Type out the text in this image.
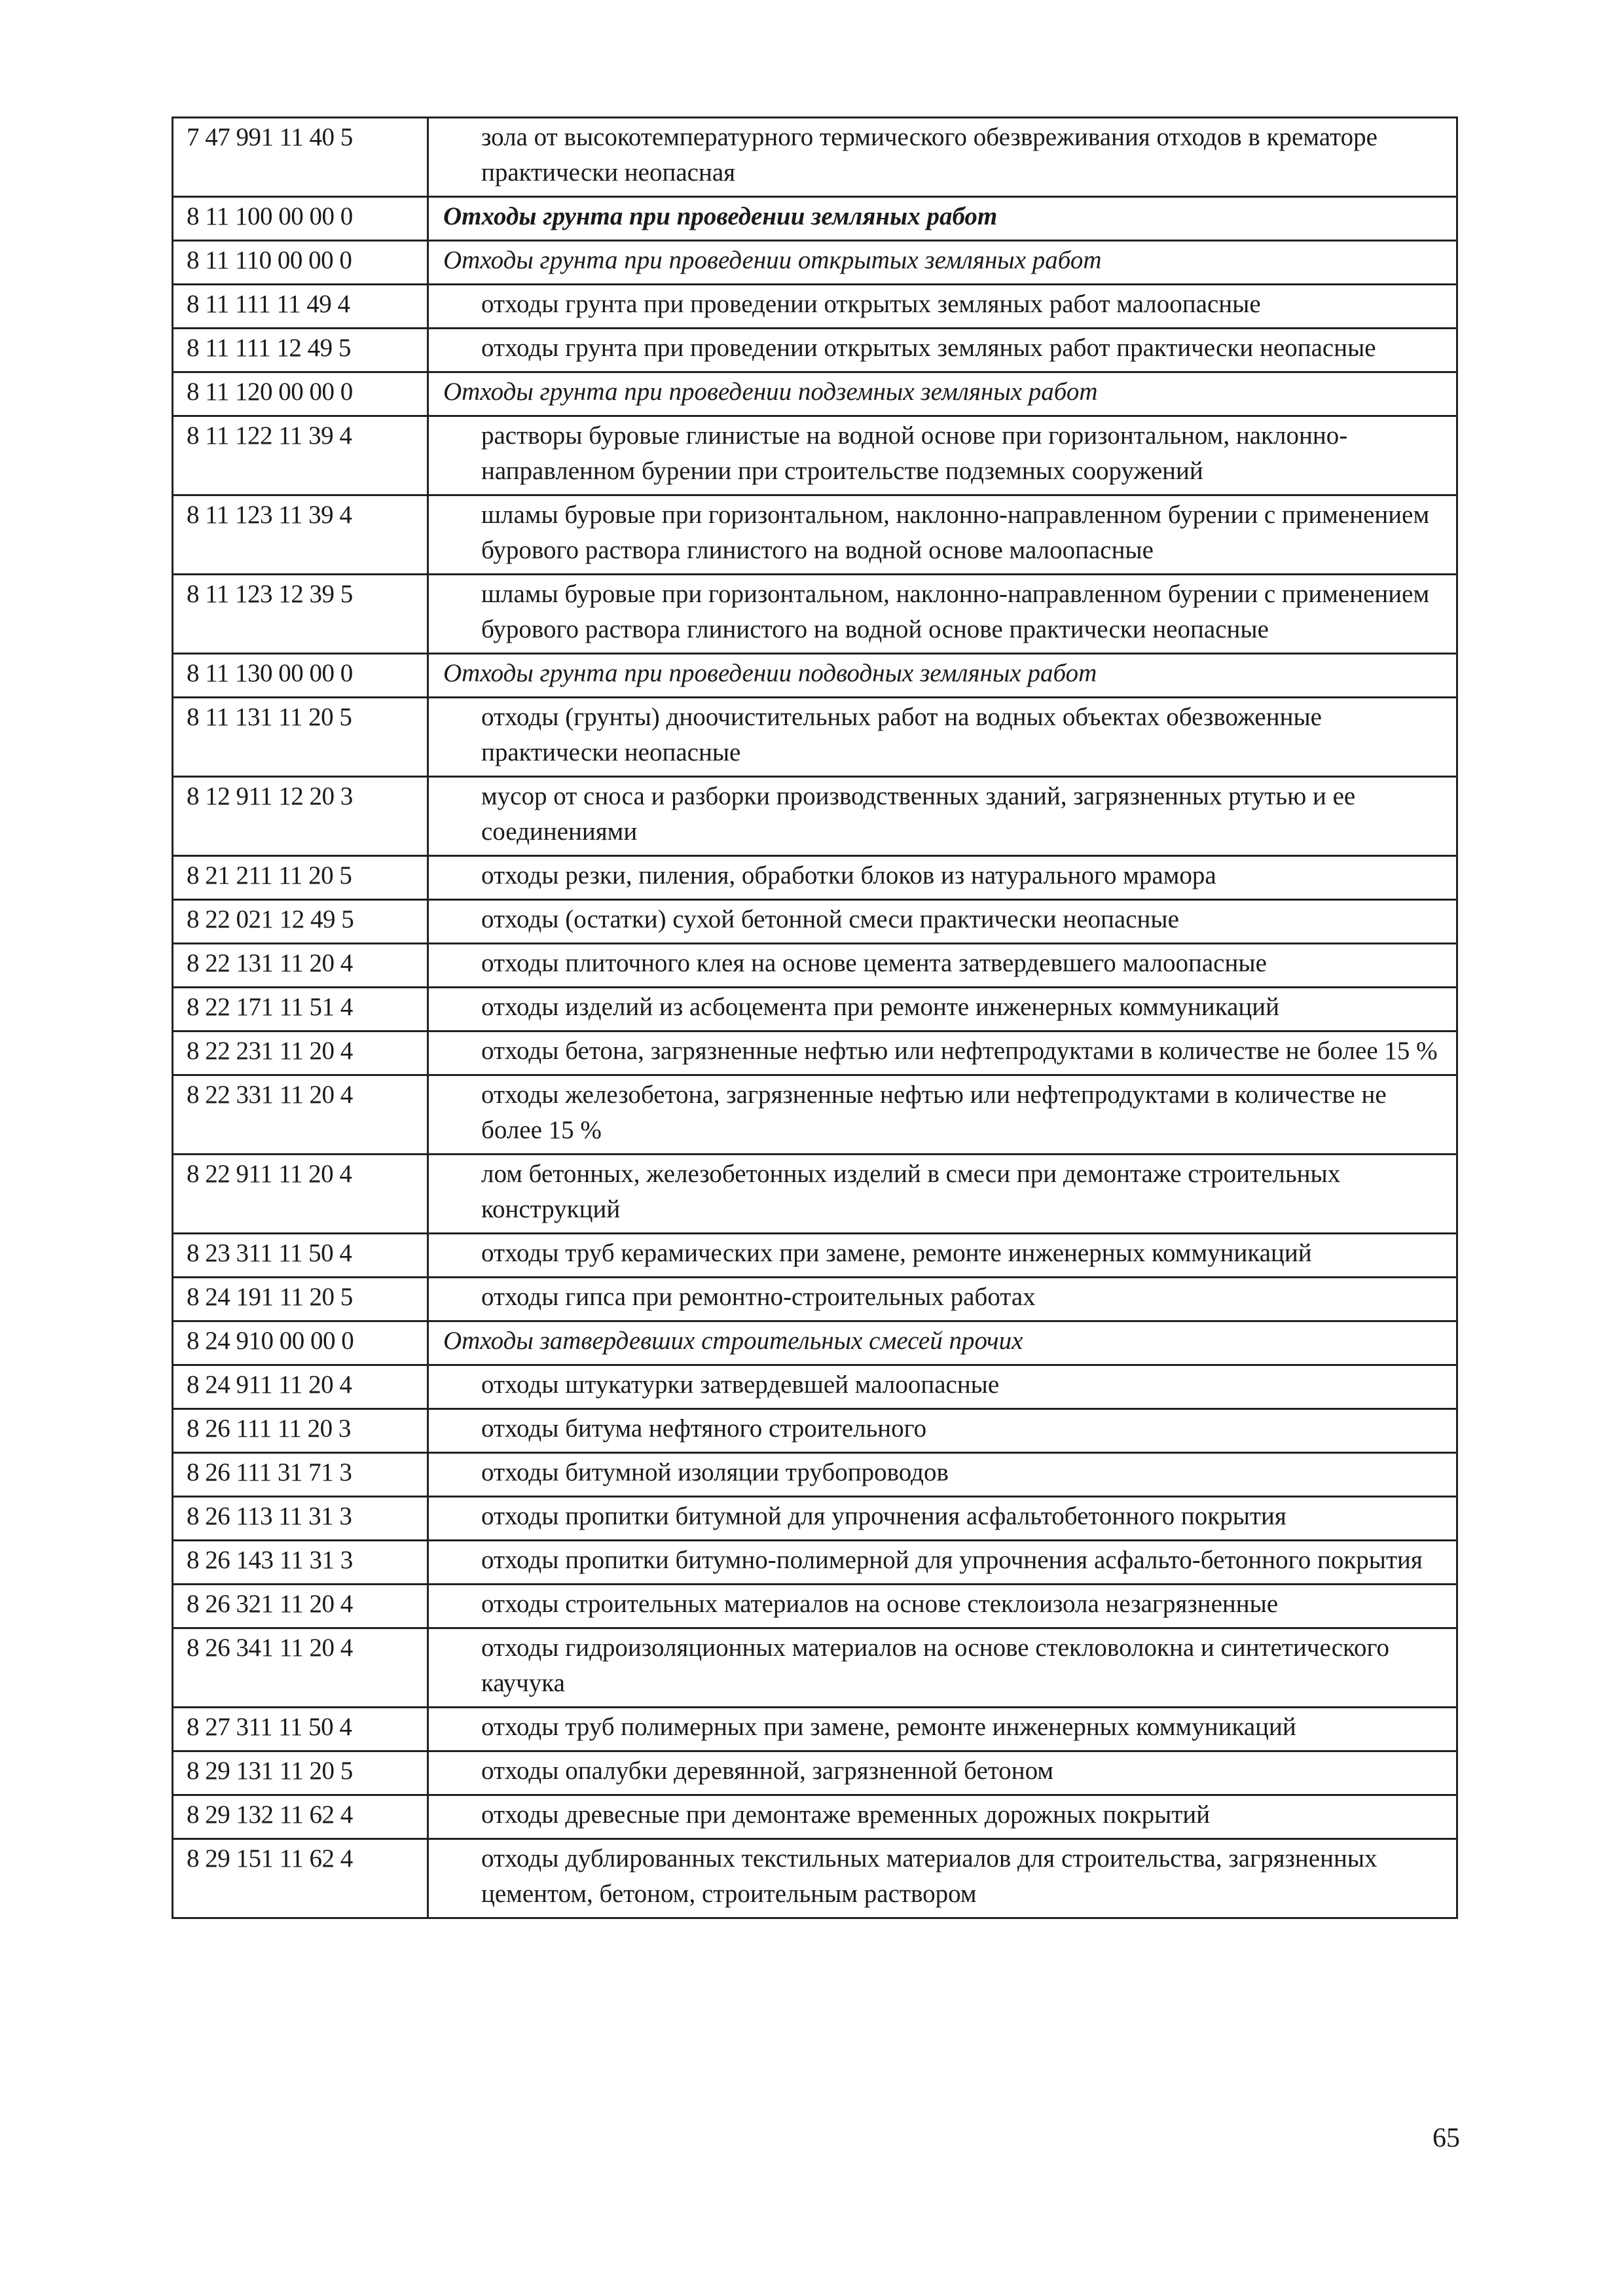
7 47 991 11 40 5	зола от высокотемпературного термического обезвреживания отходов в крематоре практически неопасная
8 11 100 00 00 0	Отходы грунта при проведении земляных работ
8 11 110 00 00 0	Отходы грунта при проведении открытых земляных работ
8 11 111 11 49 4	отходы грунта при проведении открытых земляных работ малоопасные
8 11 111 12 49 5	отходы грунта при проведении открытых земляных работ практически неопасные
8 11 120 00 00 0	Отходы грунта при проведении подземных земляных работ
8 11 122 11 39 4	растворы буровые глинистые на водной основе при горизонтальном, наклонно-направленном бурении при строительстве подземных сооружений
8 11 123 11 39 4	шламы буровые при горизонтальном, наклонно-направленном бурении с применением бурового раствора глинистого на водной основе малоопасные
8 11 123 12 39 5	шламы буровые при горизонтальном, наклонно-направленном бурении с применением бурового раствора глинистого на водной основе практически неопасные
8 11 130 00 00 0	Отходы грунта при проведении подводных земляных работ
8 11 131 11 20 5	отходы (грунты) дноочистительных работ на водных объектах обезвоженные практически неопасные
8 12 911 12 20 3	мусор от сноса и разборки производственных зданий, загрязненных ртутью и ее соединениями
8 21 211 11 20 5	отходы резки, пиления, обработки блоков из натурального мрамора
8 22 021 12 49 5	отходы (остатки) сухой бетонной смеси практически неопасные
8 22 131 11 20 4	отходы плиточного клея на основе цемента затвердевшего малоопасные
8 22 171 11 51 4	отходы изделий из асбоцемента при ремонте инженерных коммуникаций
8 22 231 11 20 4	отходы бетона, загрязненные нефтью или нефтепродуктами в количестве не более 15 %
8 22 331 11 20 4	отходы железобетона, загрязненные нефтью или нефтепродуктами в количестве не более 15 %
8 22 911 11 20 4	лом бетонных, железобетонных изделий в смеси при демонтаже строительных конструкций
8 23 311 11 50 4	отходы труб керамических при замене, ремонте инженерных коммуникаций
8 24 191 11 20 5	отходы гипса при ремонтно-строительных работах
8 24 910 00 00 0	Отходы затвердевших строительных смесей прочих
8 24 911 11 20 4	отходы штукатурки затвердевшей малоопасные
8 26 111 11 20 3	отходы битума нефтяного строительного
8 26 111 31 71 3	отходы битумной изоляции трубопроводов
8 26 113 11 31 3	отходы пропитки битумной для упрочнения асфальтобетонного покрытия
8 26 143 11 31 3	отходы пропитки битумно-полимерной для упрочнения асфальто-бетонного покрытия
8 26 321 11 20 4	отходы строительных материалов на основе стеклоизола незагрязненные
8 26 341 11 20 4	отходы гидроизоляционных материалов на основе стекловолокна и синтетического каучука
8 27 311 11 50 4	отходы труб полимерных при замене, ремонте инженерных коммуникаций
8 29 131 11 20 5	отходы опалубки деревянной, загрязненной бетоном
8 29 132 11 62 4	отходы древесные при демонтаже временных дорожных покрытий
8 29 151 11 62 4	отходы дублированных текстильных материалов для строительства, загрязненных цементом, бетоном, строительным раствором
65
